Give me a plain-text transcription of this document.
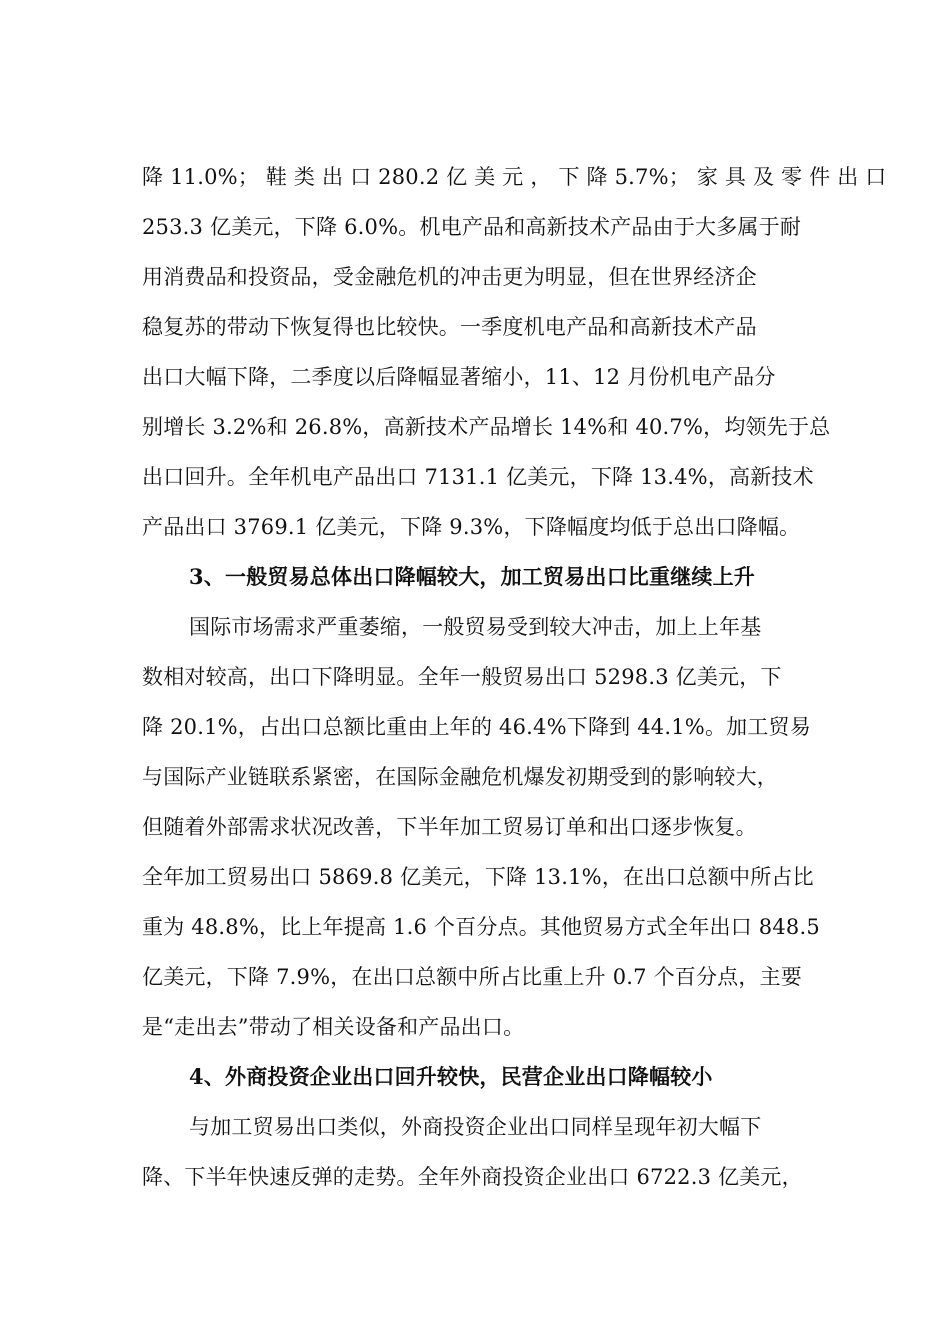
降 11.0%； 鞋 类 出 口 280.2 亿 美 元 ， 下 降 5.7%； 家 具 及 零 件 出 口
253.3 亿美元，下降 6.0%。机电产品和高新技术产品由于大多属于耐
用消费品和投资品，受金融危机的冲击更为明显，但在世界经济企
稳复苏的带动下恢复得也比较快。一季度机电产品和高新技术产品
出口大幅下降，二季度以后降幅显著缩小，11、12 月份机电产品分
别增长 3.2%和 26.8%，高新技术产品增长 14%和 40.7%，均领先于总
出口回升。全年机电产品出口 7131.1 亿美元，下降 13.4%，高新技术
产品出口 3769.1 亿美元，下降 9.3%，下降幅度均低于总出口降幅。
3、一般贸易总体出口降幅较大，加工贸易出口比重继续上升
国际市场需求严重萎缩，一般贸易受到较大冲击，加上上年基
数相对较高，出口下降明显。全年一般贸易出口 5298.3 亿美元，下
降 20.1%，占出口总额比重由上年的 46.4%下降到 44.1%。加工贸易
与国际产业链联系紧密，在国际金融危机爆发初期受到的影响较大，
但随着外部需求状况改善，下半年加工贸易订单和出口逐步恢复。
全年加工贸易出口 5869.8 亿美元，下降 13.1%，在出口总额中所占比
重为 48.8%，比上年提高 1.6 个百分点。其他贸易方式全年出口 848.5
亿美元，下降 7.9%，在出口总额中所占比重上升 0.7 个百分点，主要
是“走出去”带动了相关设备和产品出口。
4、外商投资企业出口回升较快，民营企业出口降幅较小
与加工贸易出口类似，外商投资企业出口同样呈现年初大幅下
降、下半年快速反弹的走势。全年外商投资企业出口 6722.3 亿美元，
